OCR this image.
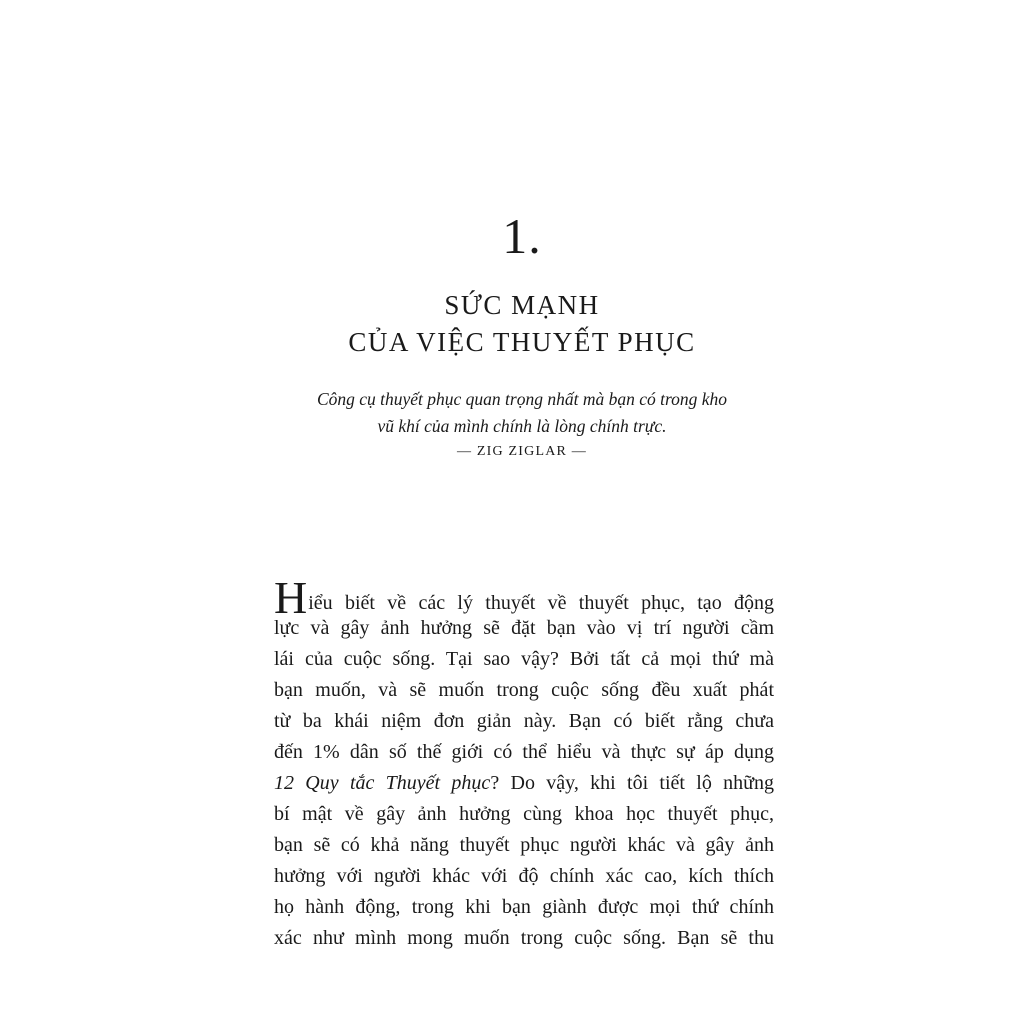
1.
SỨC MẠNH
CỦA VIỆC THUYẾT PHỤC
Công cụ thuyết phục quan trọng nhất mà bạn có trong kho
vũ khí của mình chính là lòng chính trực.
— ZIG ZIGLAR —
Hiểu biết về các lý thuyết về thuyết phục, tạo động
lực và gây ảnh hưởng sẽ đặt bạn vào vị trí người cầm
lái của cuộc sống. Tại sao vậy? Bởi tất cả mọi thứ mà
bạn muốn, và sẽ muốn trong cuộc sống đều xuất phát
từ ba khái niệm đơn giản này. Bạn có biết rằng chưa
đến 1% dân số thế giới có thể hiểu và thực sự áp dụng
12 Quy tắc Thuyết phục? Do vậy, khi tôi tiết lộ những
bí mật về gây ảnh hưởng cùng khoa học thuyết phục,
bạn sẽ có khả năng thuyết phục người khác và gây ảnh
hưởng với người khác với độ chính xác cao, kích thích
họ hành động, trong khi bạn giành được mọi thứ chính
xác như mình mong muốn trong cuộc sống. Bạn sẽ thu
